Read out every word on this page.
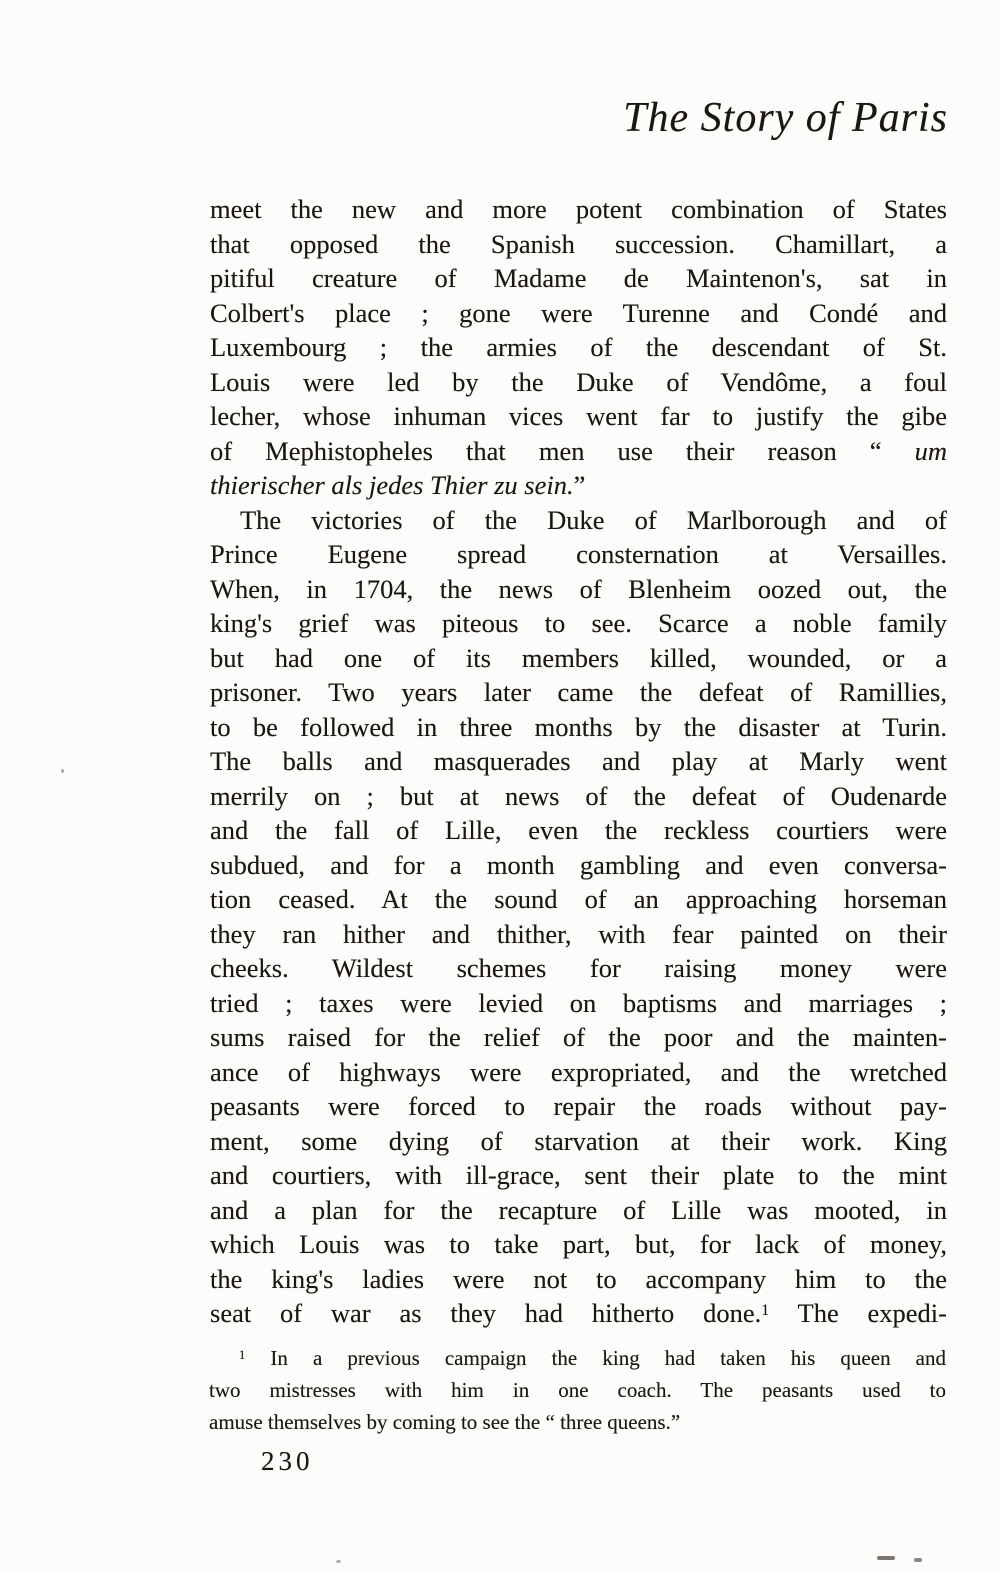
The Story of Paris
meet the new and more potent combination of States
that opposed the Spanish succession. Chamillart, a
pitiful creature of Madame de Maintenon's, sat in
Colbert's place ; gone were Turenne and Condé and
Luxembourg ; the armies of the descendant of St.
Louis were led by the Duke of Vendôme, a foul
lecher, whose inhuman vices went far to justify the gibe
of Mephistopheles that men use their reason “ um
thierischer als jedes Thier zu sein.”
The victories of the Duke of Marlborough and of
Prince Eugene spread consternation at Versailles.
When, in 1704, the news of Blenheim oozed out, the
king's grief was piteous to see. Scarce a noble family
but had one of its members killed, wounded, or a
prisoner. Two years later came the defeat of Ramillies,
to be followed in three months by the disaster at Turin.
The balls and masquerades and play at Marly went
merrily on ; but at news of the defeat of Oudenarde
and the fall of Lille, even the reckless courtiers were
subdued, and for a month gambling and even conversa-
tion ceased. At the sound of an approaching horseman
they ran hither and thither, with fear painted on their
cheeks. Wildest schemes for raising money were
tried ; taxes were levied on baptisms and marriages ;
sums raised for the relief of the poor and the mainten-
ance of highways were expropriated, and the wretched
peasants were forced to repair the roads without pay-
ment, some dying of starvation at their work. King
and courtiers, with ill-grace, sent their plate to the mint
and a plan for the recapture of Lille was mooted, in
which Louis was to take part, but, for lack of money,
the king's ladies were not to accompany him to the
seat of war as they had hitherto done.$^1$ The expedi-
$^1$ In a previous campaign the king had taken his queen and
two mistresses with him in one coach. The peasants used to
amuse themselves by coming to see the “ three queens.”
230
